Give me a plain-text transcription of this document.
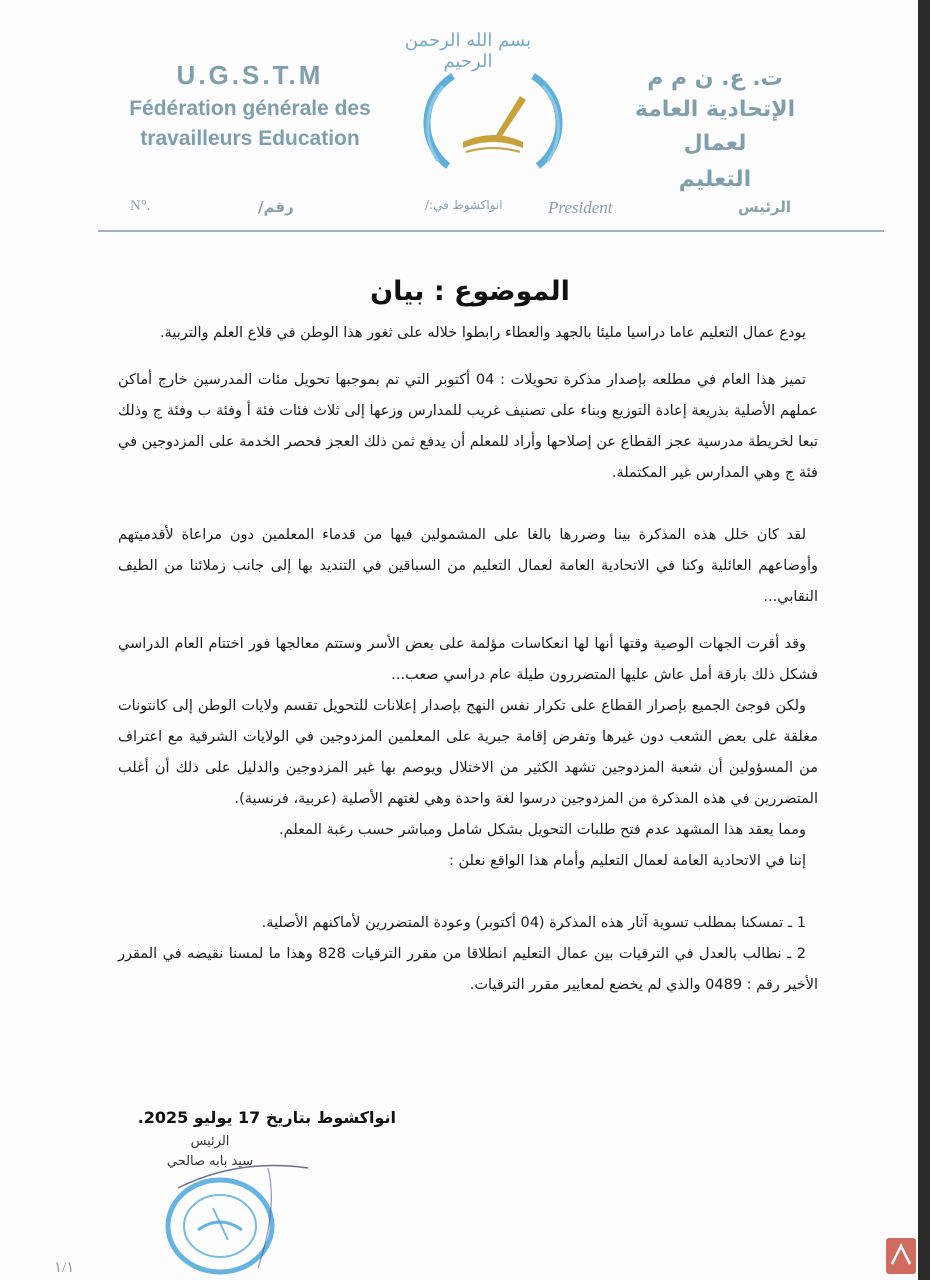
بسم الله الرحمن الرحيم
U.G.S.T.M
Fédération générale des
travailleurs Education
ت. ع. ن م م
الإتحادية العامة لعمال
التعليم
N°.	رقم/	انواكشوط في:/	President	الرئيس
الموضوع : بيان

يودع عمال التعليم عاما دراسيا مليئا بالجهد والعطاء رابطوا خلاله على ثغور هذا الوطن في قلاع العلم والتربية.

تميز هذا العام في مطلعه بإصدار مذكرة تحويلات : 04 أكتوبر التي تم بموجبها تحويل مئات المدرسين خارج أماكن عملهم الأصلية بذريعة إعادة التوزيع وبناء على تصنيف غريب للمدارس وزعها إلى ثلاث فئات فئة أ وفئة ب وفئة ج وذلك تبعا لخريطة مدرسية عجز القطاع عن إصلاحها وأراد للمعلم أن يدفع ثمن ذلك العجز فحصر الخدمة على المزدوجين في فئة ج وهي المدارس غير المكتملة.

لقد كان خلل هذه المذكرة بينا وضررها بالغا على المشمولين فيها من قدماء المعلمين دون مراعاة لأقدميتهم وأوضاعهم العائلية وكنا في الاتحادية العامة لعمال التعليم من السباقين في التنديد بها إلى جانب زملائنا من الطيف النقابي...

وقد أقرت الجهات الوصية وقتها أنها لها انعكاسات مؤلمة على بعض الأسر وستتم معالجها فور اختتام العام الدراسي فشكل ذلك بارقة أمل عاش عليها المتضررون طيلة عام دراسي صعب...

ولكن فوجئ الجميع بإصرار القطاع على تكرار نفس النهج بإصدار إعلانات للتحويل تقسم ولايات الوطن إلى كانتونات مغلقة على بعض الشعب دون غيرها وتفرض إقامة جبرية على المعلمين المزدوجين في الولايات الشرقية مع اعتراف من المسؤولين أن شعبة المزدوجين تشهد الكثير من الاختلال ويوصم بها غير المزدوجين والدليل على ذلك أن أغلب المتضررين في هذه المذكرة من المزدوجين درسوا لغة واحدة وهي لغتهم الأصلية (عربية، فرنسية).

ومما يعقد هذا المشهد عدم فتح طلبات التحويل بشكل شامل ومباشر حسب رغبة المعلم.

إننا في الاتحادية العامة لعمال التعليم وأمام هذا الواقع نعلن :

1 ـ تمسكنا بمطلب تسوية آثار هذه المذكرة (04 أكتوبر) وعودة المتضررين لأماكنهم الأصلية.

2 ـ نطالب بالعدل في الترقيات بين عمال التعليم انطلاقا من مقرر الترقيات 828 وهذا ما لمسنا نقيضه في المقرر الأخير رقم : 0489 والذي لم يخضع لمعايير مقرر الترقيات.

انواكشوط بتاريخ 17 يوليو 2025.
الرئيس
سيد بابه صالحي
١/١
